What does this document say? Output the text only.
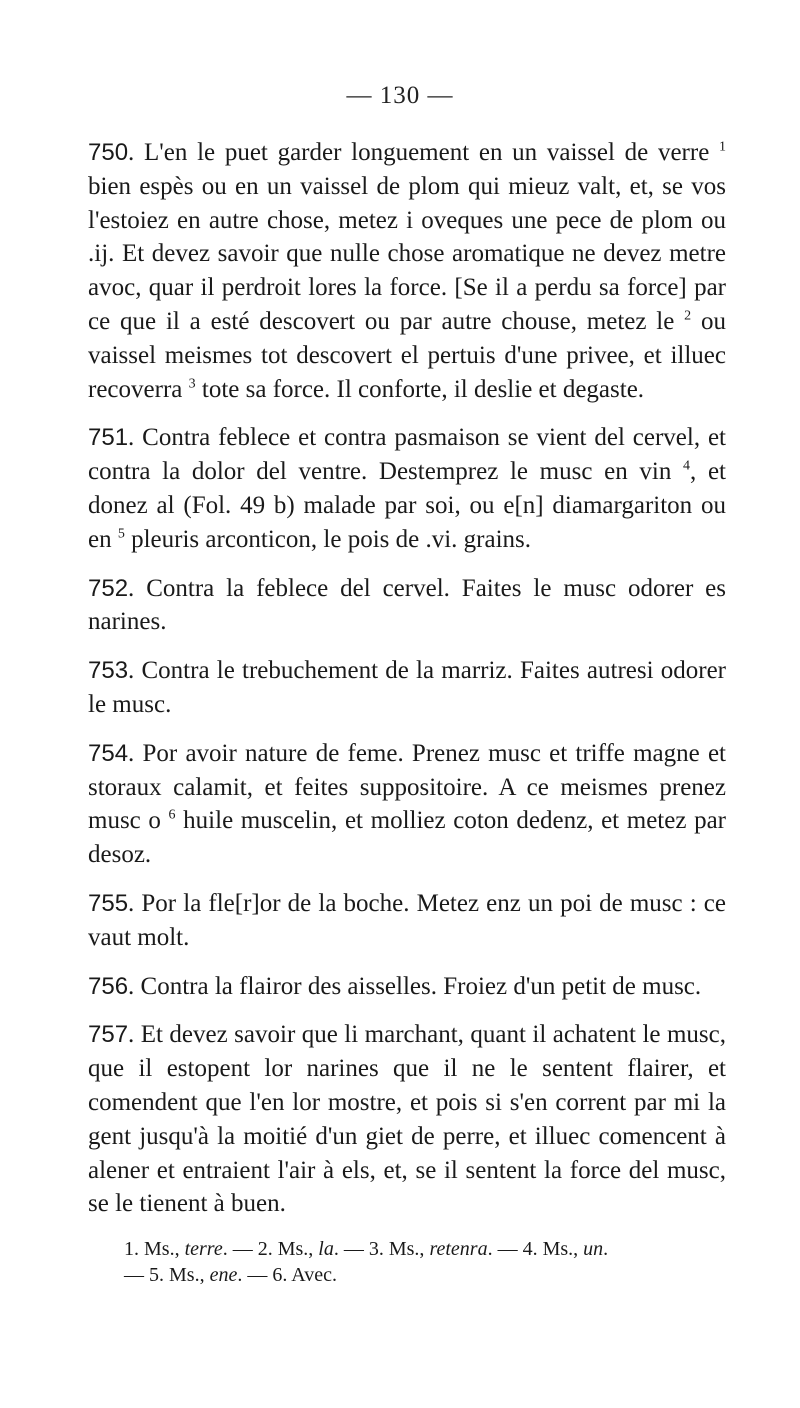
— 130 —

750. L'en le puet garder longuement en un vaissel de verre $^1$ bien espès ou en un vaissel de plom qui mieuz valt, et, se vos l'estoiez en autre chose, metez i oveques une pece de plom ou .ij. Et devez savoir que nulle chose aromatique ne devez metre avoc, quar il perdroit lores la force. [Se il a perdu sa force] par ce que il a esté descovert ou par autre chouse, metez le $^2$ ou vaissel meismes tot descovert el pertuis d'une privee, et illuec recoverra $^3$ tote sa force. Il conforte, il deslie et degaste.

751. Contra feblece et contra pasmaison se vient del cervel, et contra la dolor del ventre. Destemprez le musc en vin $^4$, et donez al (Fol. 49 b) malade par soi, ou e[n] diamargariton ou en $^5$ pleuris arconticon, le pois de .vi. grains.

752. Contra la feblece del cervel. Faites le musc odorer es narines.

753. Contra le trebuchement de la marriz. Faites autresi odorer le musc.

754. Por avoir nature de feme. Prenez musc et triffe magne et storaux calamit, et feites suppositoire. A ce meismes prenez musc o $^6$ huile muscelin, et molliez coton dedenz, et metez par desoz.

755. Por la fle[r]or de la boche. Metez enz un poi de musc : ce vaut molt.

756. Contra la flairor des aisselles. Froiez d'un petit de musc.

757. Et devez savoir que li marchant, quant il achatent le musc, que il estopent lor narines que il ne le sentent flairer, et comendent que l'en lor mostre, et pois si s'en corrent par mi la gent jusqu'à la moitié d'un giet de perre, et illuec comencent à alener et entraient l'air à els, et, se il sentent la force del musc, se le tienent à buen.

1. Ms., terre. — 2. Ms., la. — 3. Ms., retenra. — 4. Ms., un.
— 5. Ms., ene. — 6. Avec.
